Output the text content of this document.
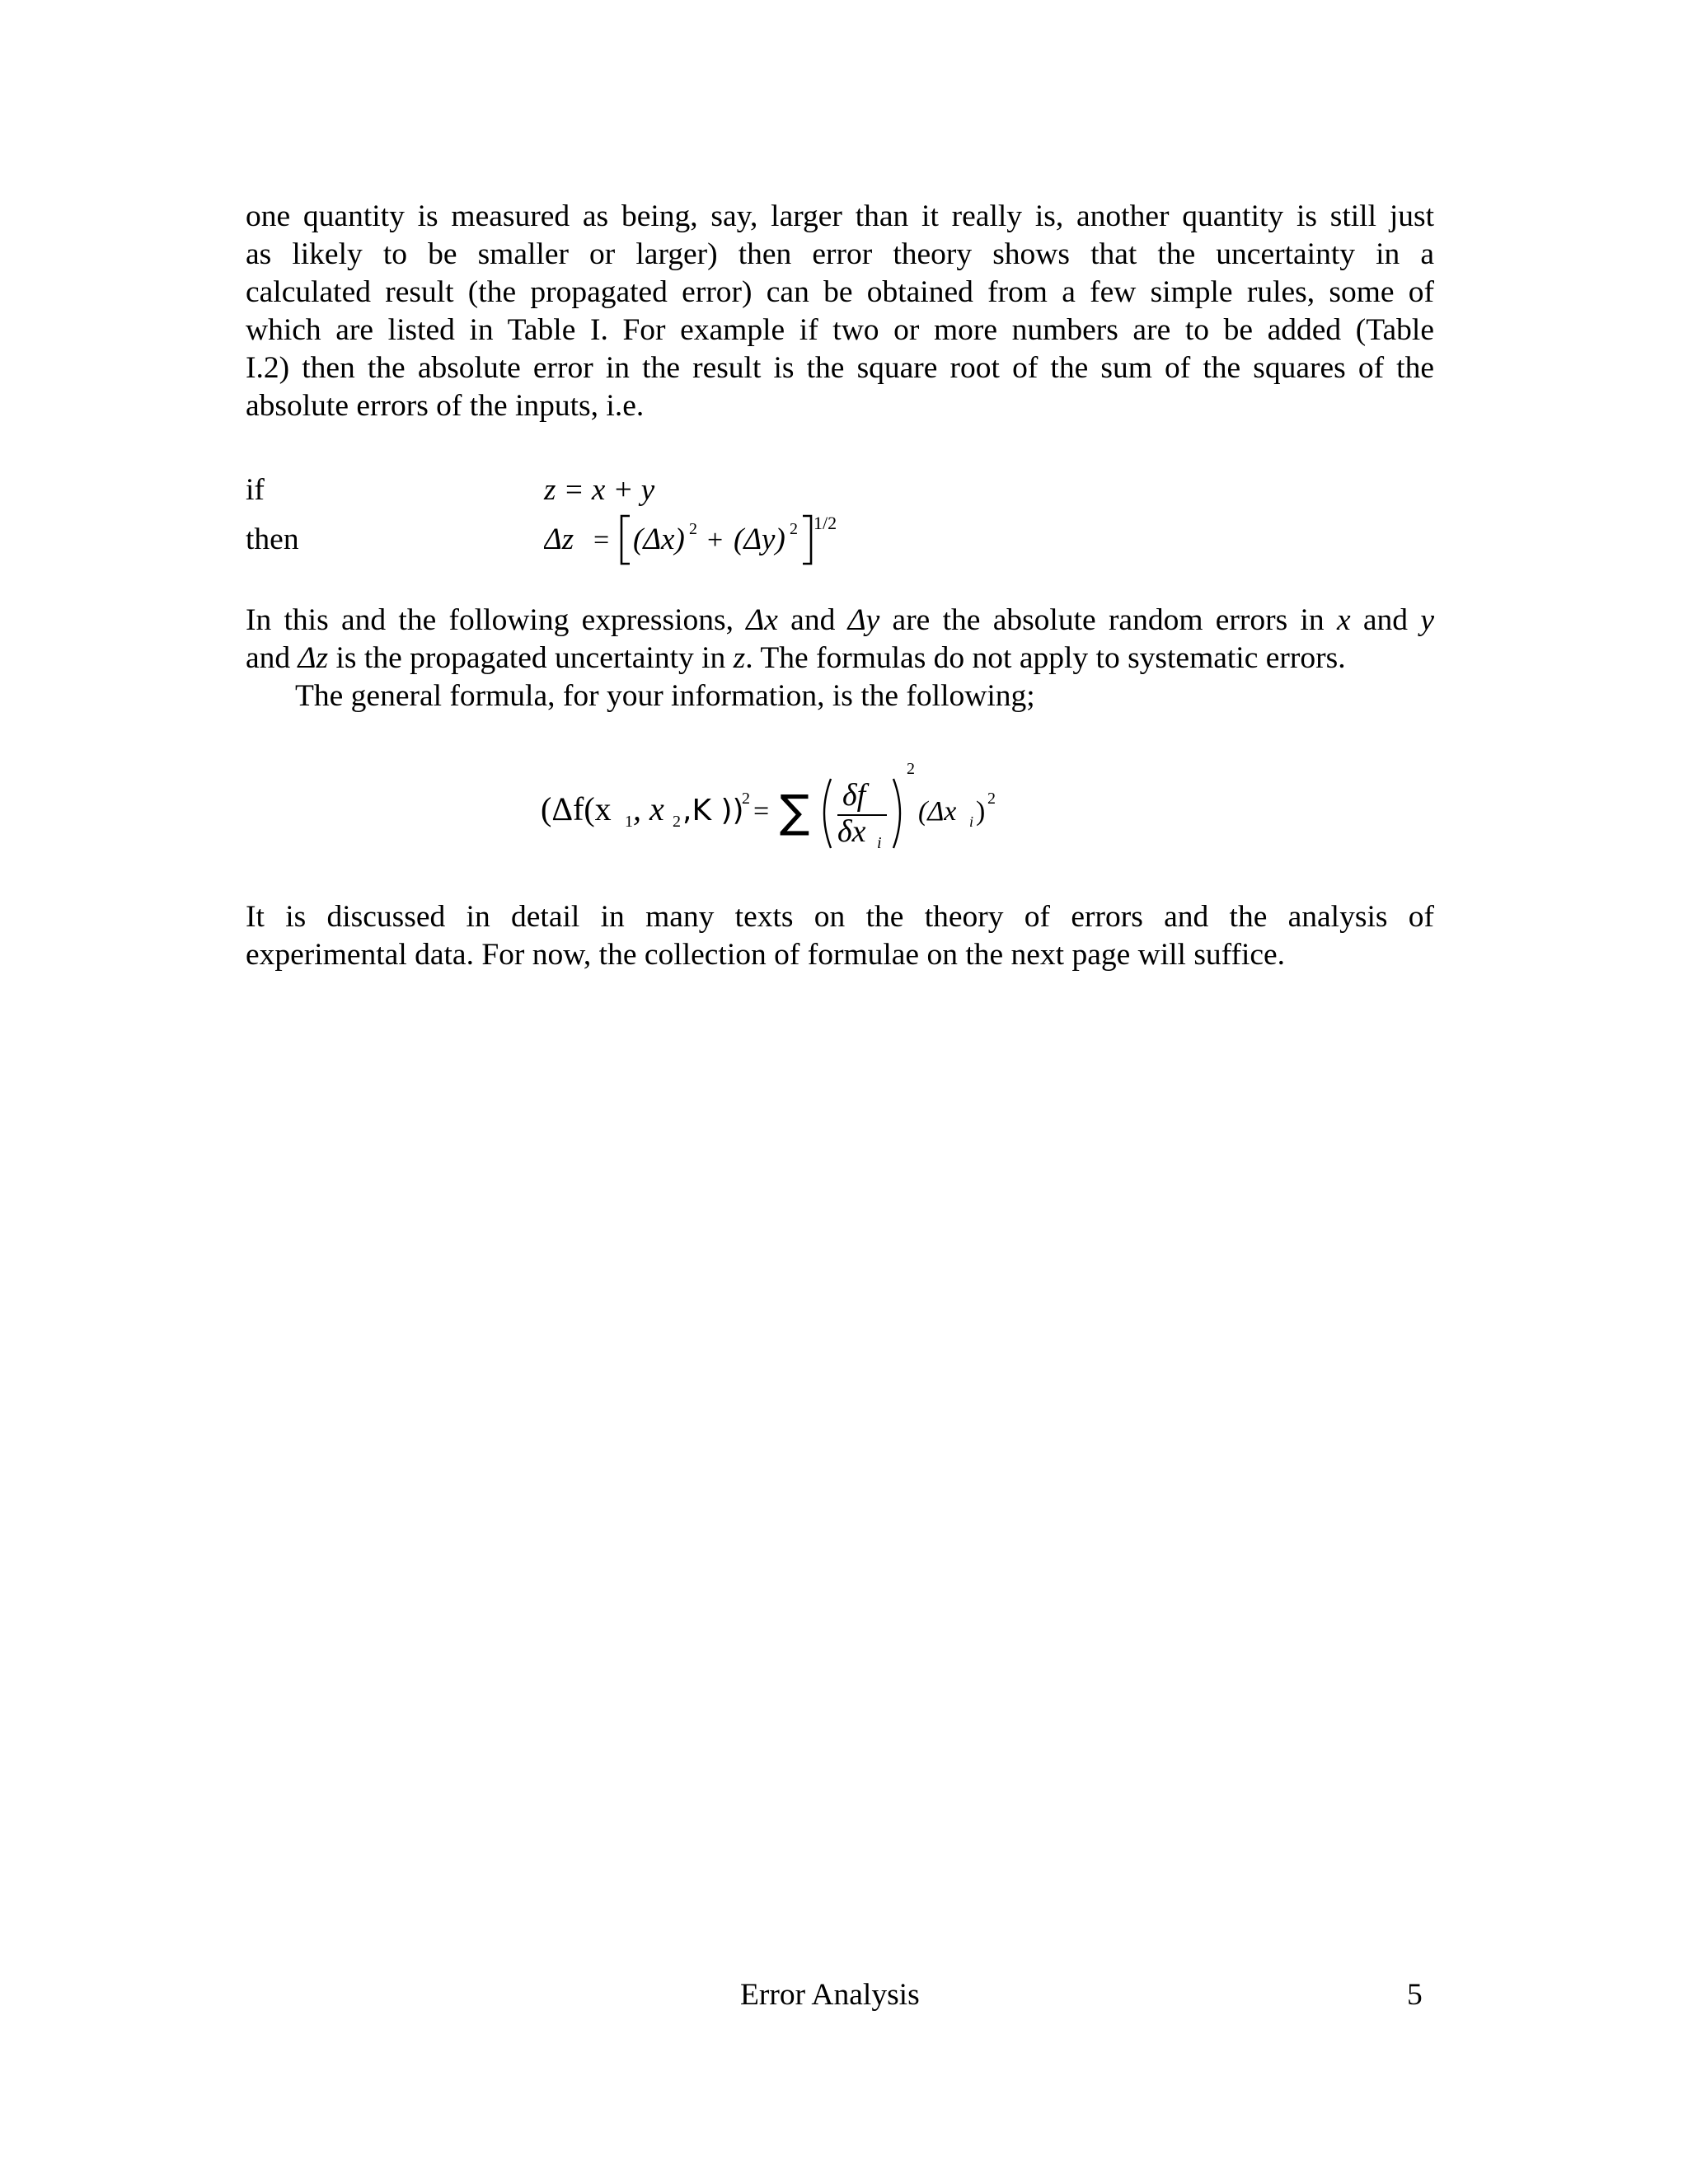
one quantity is measured as being, say, larger than it really is, another quantity is still just
as likely to be smaller or larger) then error theory shows that the uncertainty in a
calculated result (the propagated error) can be obtained from a few simple rules, some of
which are listed in Table I. For example if two or more numbers are to be added (Table
I.2) then the absolute error in the result is the square root of the sum of the squares of the
absolute errors of the inputs, i.e.
if
then
z = x + y
Δz = (Δx) 2 + (Δy) 2 1/2
In this and the following expressions, Δx and Δy are the absolute random errors in x and y
and Δz is the propagated uncertainty in z. The formulas do not apply to systematic errors.
The general formula, for your information, is the following;
(Δf(x 1 , x 2 ,K ))
2 = ∑ δf
δx i
2
(Δx i ) 2
It is discussed in detail in many texts on the theory of errors and the analysis of
experimental data. For now, the collection of formulae on the next page will suffice.
Error Analysis	5
